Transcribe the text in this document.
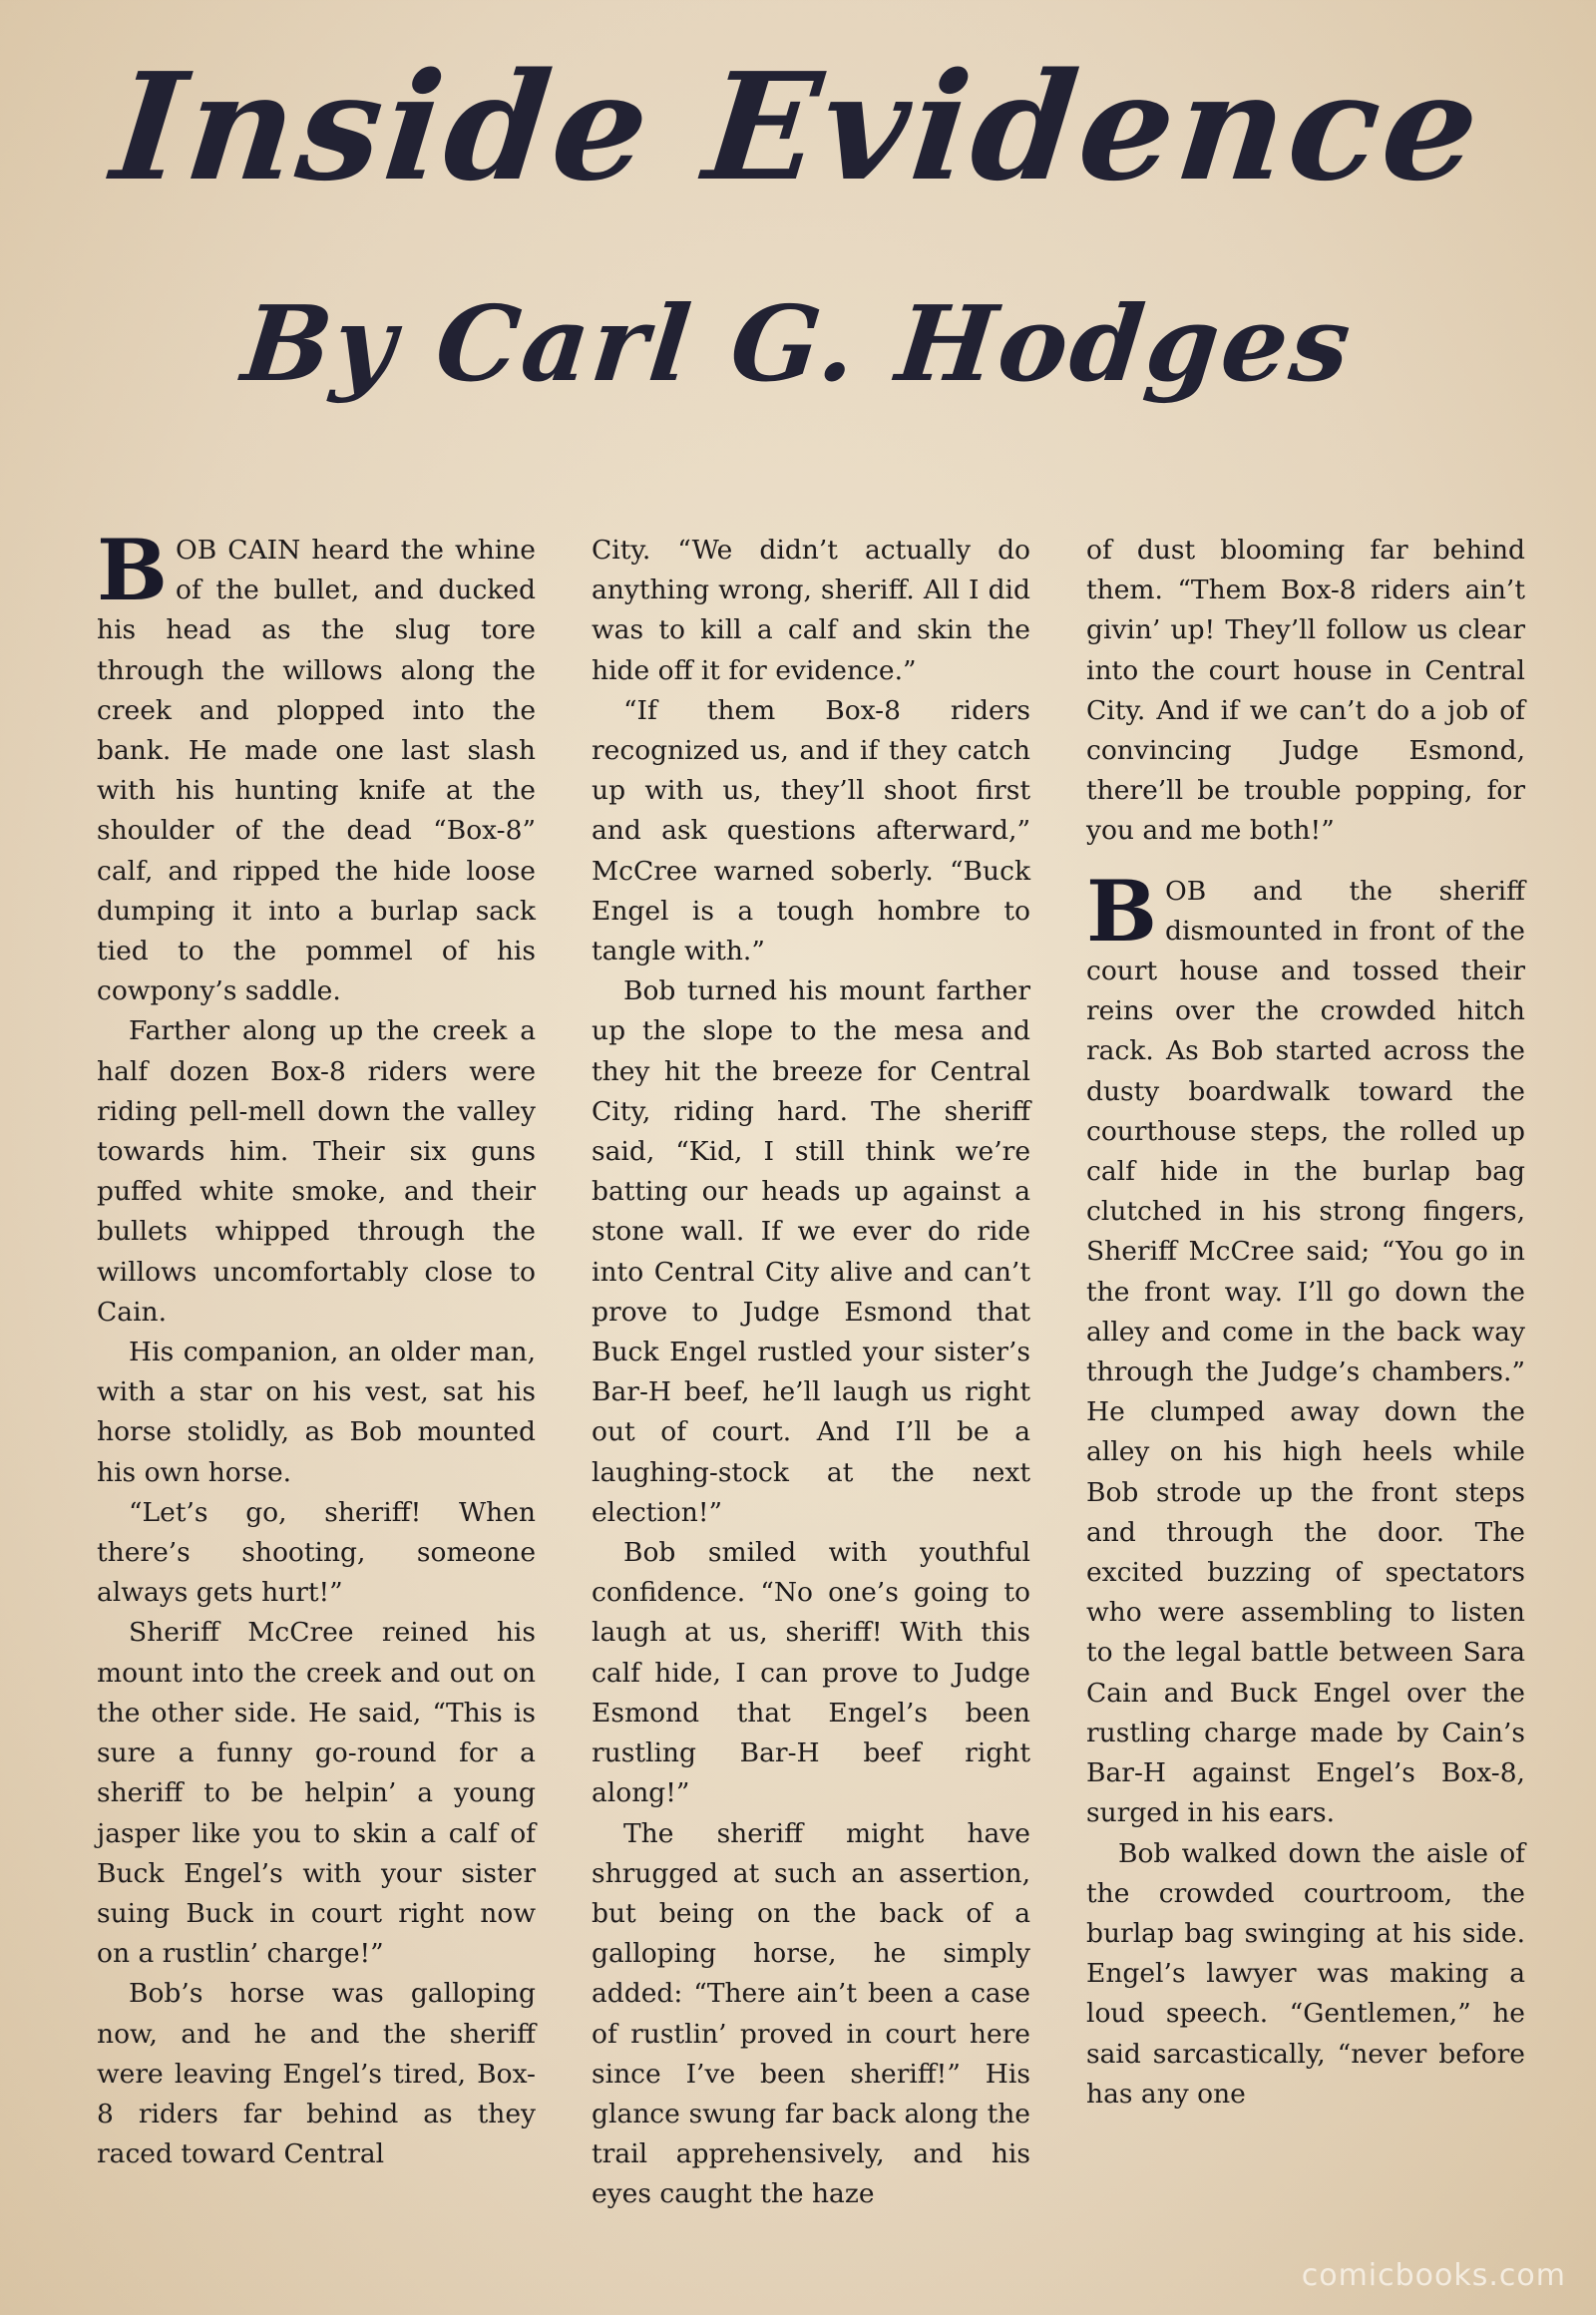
Inside Evidence
By Carl G. Hodges

BOB CAIN heard the whine of the bullet, and ducked his head as the slug tore through the willows along the creek and plopped into the bank. He made one last slash with his hunting knife at the shoulder of the dead “Box-8” calf, and ripped the hide loose dumping it into a burlap sack tied to the pommel of his cowpony’s saddle.

Farther along up the creek a half dozen Box-8 riders were riding pell-mell down the valley towards him. Their six guns puffed white smoke, and their bullets whipped through the willows uncomfortably close to Cain.

His companion, an older man, with a star on his vest, sat his horse stolidly, as Bob mounted his own horse.

“Let’s go, sheriff! When there’s shooting, someone always gets hurt!”

Sheriff McCree reined his mount into the creek and out on the other side. He said, “This is sure a funny go-round for a sheriff to be helpin’ a young jasper like you to skin a calf of Buck Engel’s with your sister suing Buck in court right now on a rustlin’ charge!”

Bob’s horse was galloping now, and he and the sheriff were leaving Engel’s tired, Box-8 riders far behind as they raced toward Central

City. “We didn’t actually do anything wrong, sheriff. All I did was to kill a calf and skin the hide off it for evidence.”

“If them Box-8 riders recognized us, and if they catch up with us, they’ll shoot first and ask questions afterward,” McCree warned soberly. “Buck Engel is a tough hombre to tangle with.”

Bob turned his mount farther up the slope to the mesa and they hit the breeze for Central City, riding hard. The sheriff said, “Kid, I still think we’re batting our heads up against a stone wall. If we ever do ride into Central City alive and can’t prove to Judge Esmond that Buck Engel rustled your sister’s Bar-H beef, he’ll laugh us right out of court. And I’ll be a laughing-stock at the next election!”

Bob smiled with youthful confidence. “No one’s going to laugh at us, sheriff! With this calf hide, I can prove to Judge Esmond that Engel’s been rustling Bar-H beef right along!”

The sheriff might have shrugged at such an assertion, but being on the back of a galloping horse, he simply added: “There ain’t been a case of rustlin’ proved in court here since I’ve been sheriff!” His glance swung far back along the trail apprehensively, and his eyes caught the haze

of dust blooming far behind them. “Them Box-8 riders ain’t givin’ up! They’ll follow us clear into the court house in Central City. And if we can’t do a job of convincing Judge Esmond, there’ll be trouble popping, for you and me both!”

BOB and the sheriff dismounted in front of the court house and tossed their reins over the crowded hitch rack. As Bob started across the dusty boardwalk toward the courthouse steps, the rolled up calf hide in the burlap bag clutched in his strong fingers, Sheriff McCree said; “You go in the front way. I’ll go down the alley and come in the back way through the Judge’s chambers.” He clumped away down the alley on his high heels while Bob strode up the front steps and through the door. The excited buzzing of spectators who were assembling to listen to the legal battle between Sara Cain and Buck Engel over the rustling charge made by Cain’s Bar-H against Engel’s Box-8, surged in his ears.

Bob walked down the aisle of the crowded courtroom, the burlap bag swinging at his side. Engel’s lawyer was making a loud speech. “Gentlemen,” he said sarcastically, “never before has any one

comicbooks.com
